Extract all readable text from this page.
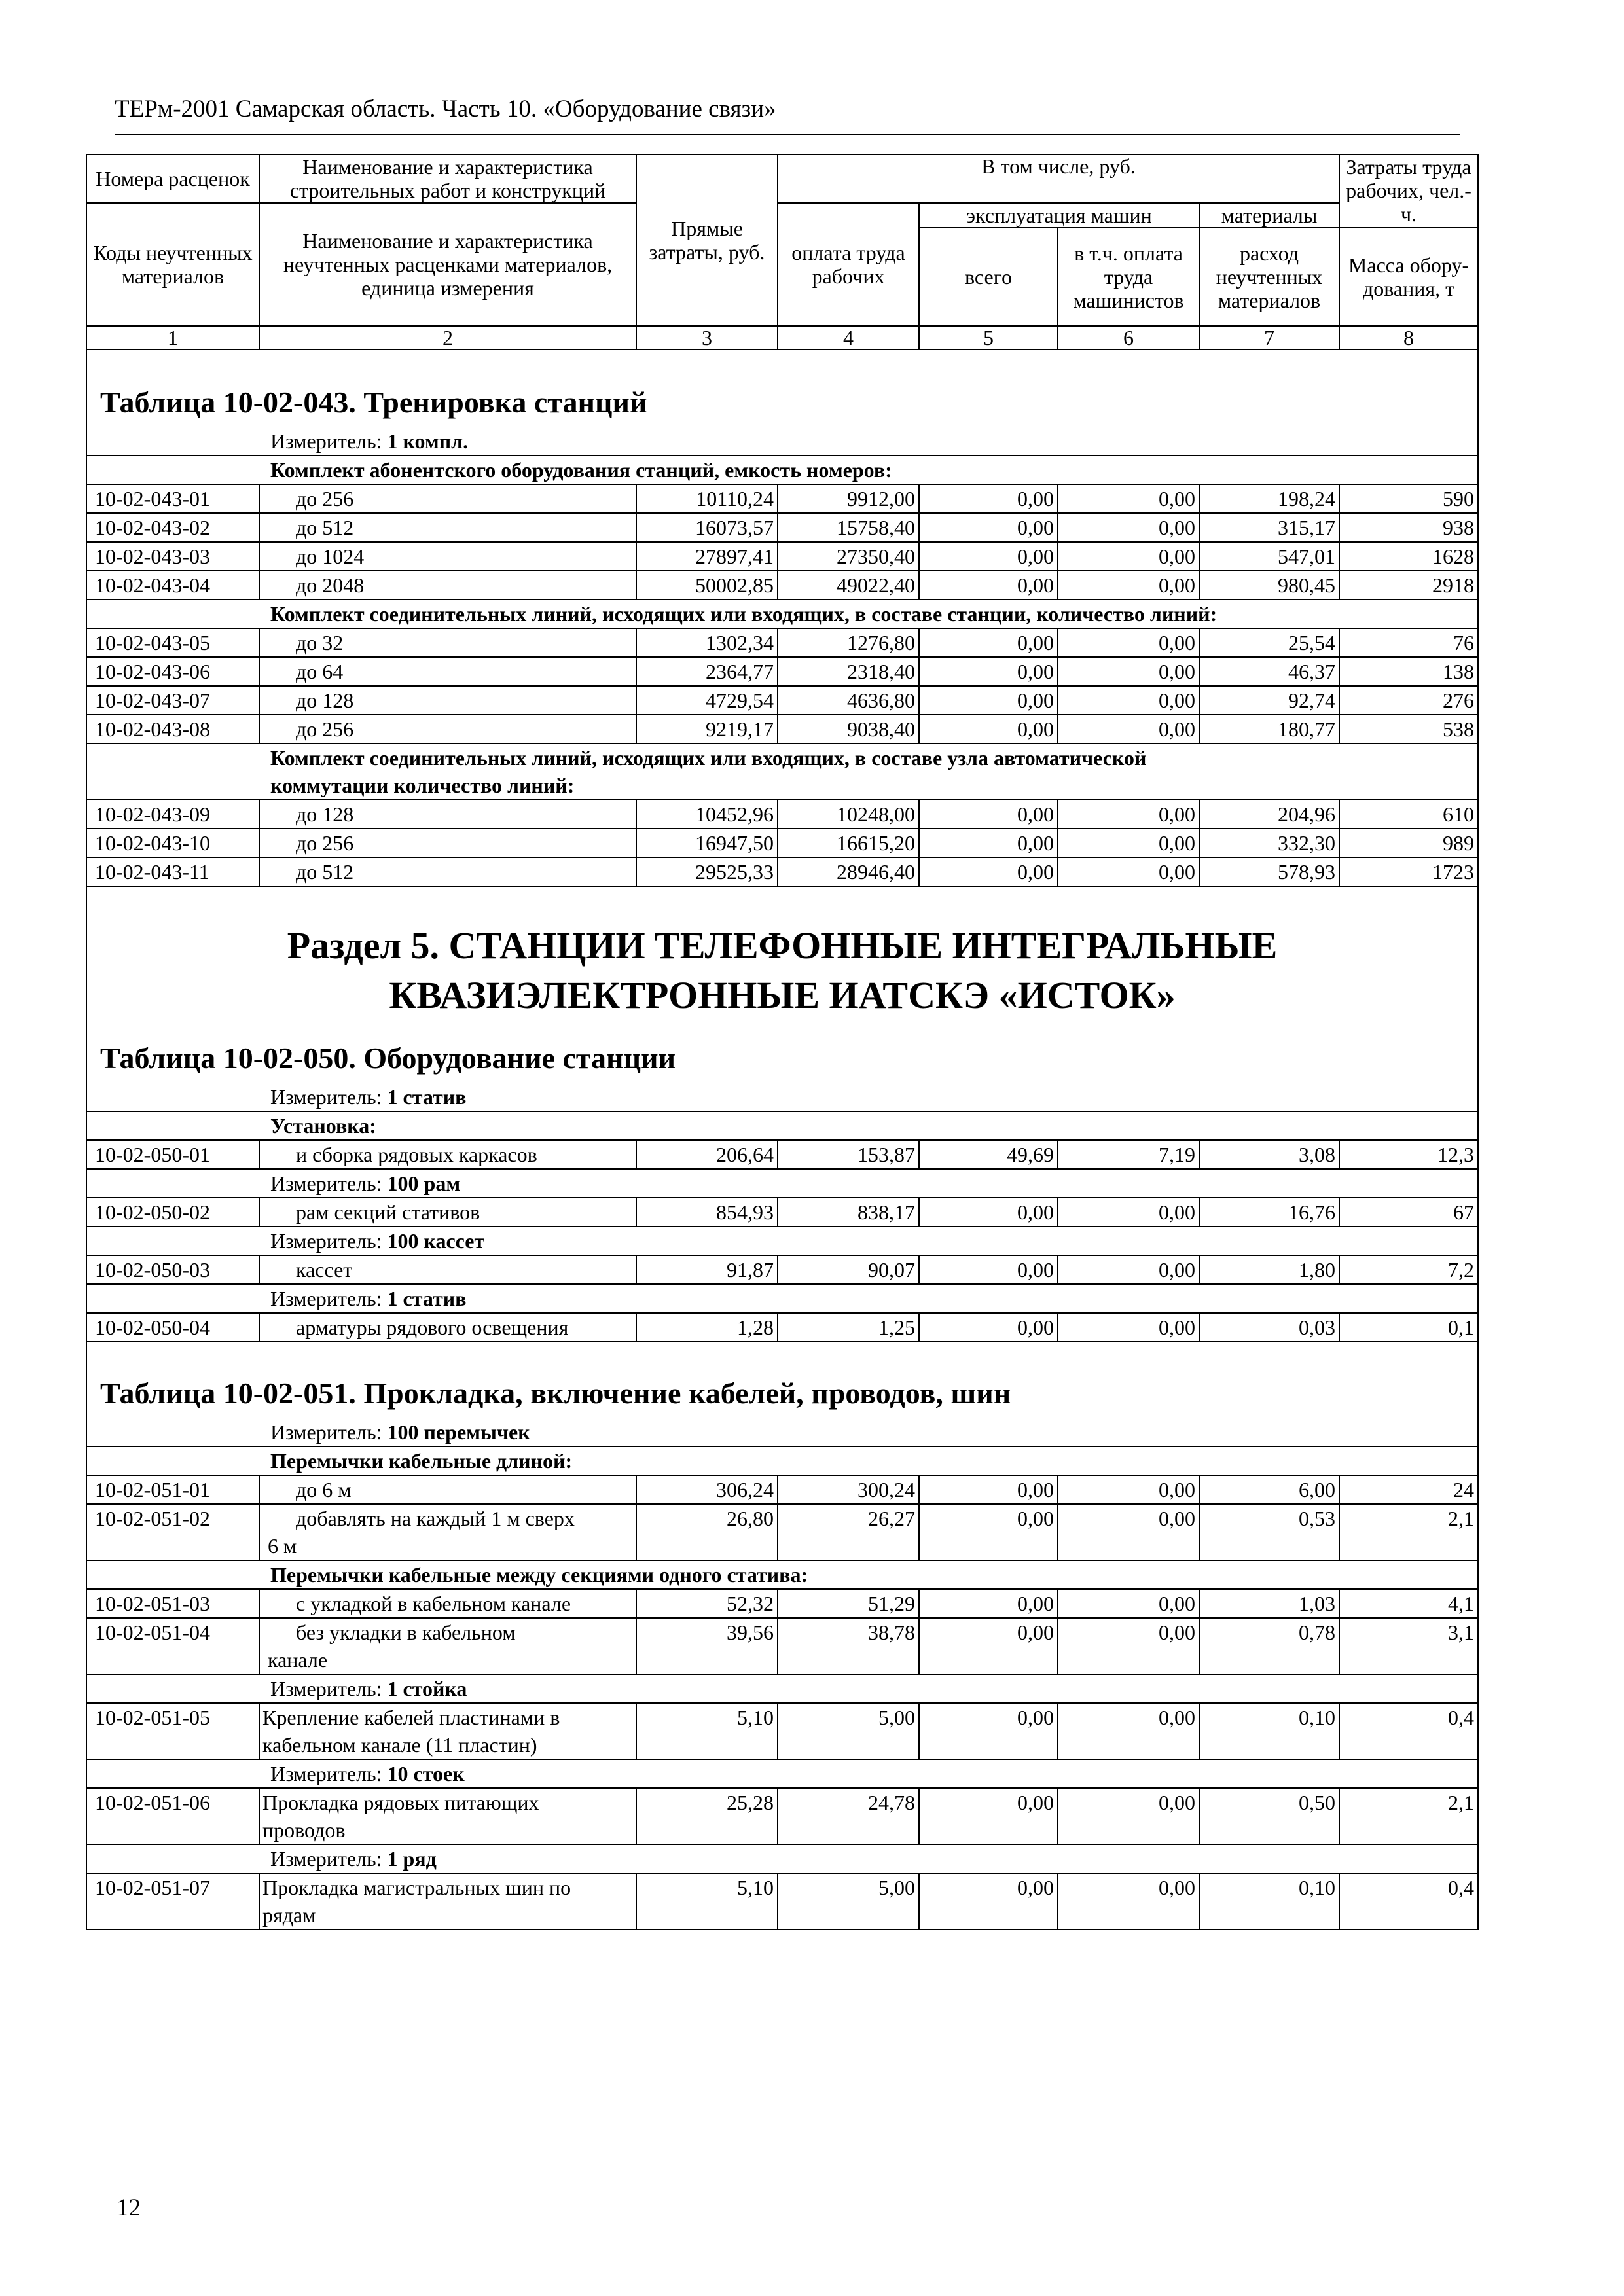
ТЕРм-2001 Самарская область. Часть 10. «Оборудование связи»
Номера расценок	Наименование и характеристика строительных работ и конструкций	Прямые затраты, руб.	В том числе, руб.				Затраты труда рабочих, чел.-ч.
Коды неучтенных материалов	Наименование и характеристика неучтенных расценками материалов, единица измерения		оплата труда рабочих	эксплуатация машин		материалы	
				всего	в т.ч. оплата труда машинистов	расход неучтенных материалов	Масса обору-дования, т
1	2	3	4	5	6	7	8
Таблица 10-02-043. Тренировка станций							
Измеритель: 1 компл.							
Комплект абонентского оборудования станций, емкость номеров:							
10-02-043-01	до 256	10110,24	9912,00	0,00	0,00	198,24	590
10-02-043-02	до 512	16073,57	15758,40	0,00	0,00	315,17	938
10-02-043-03	до 1024	27897,41	27350,40	0,00	0,00	547,01	1628
10-02-043-04	до 2048	50002,85	49022,40	0,00	0,00	980,45	2918
Комплект соединительных линий, исходящих или входящих, в составе станции, количество линий:							
10-02-043-05	до 32	1302,34	1276,80	0,00	0,00	25,54	76
10-02-043-06	до 64	2364,77	2318,40	0,00	0,00	46,37	138
10-02-043-07	до 128	4729,54	4636,80	0,00	0,00	92,74	276
10-02-043-08	до 256	9219,17	9038,40	0,00	0,00	180,77	538
Комплект соединительных линий, исходящих или входящих, в составе узла автоматической
коммутации количество линий:							
10-02-043-09	до 128	10452,96	10248,00	0,00	0,00	204,96	610
10-02-043-10	до 256	16947,50	16615,20	0,00	0,00	332,30	989
10-02-043-11	до 512	29525,33	28946,40	0,00	0,00	578,93	1723
Раздел 5. СТАНЦИИ ТЕЛЕФОННЫЕ ИНТЕГРАЛЬНЫЕ
КВАЗИЭЛЕКТРОННЫЕ ИАТСКЭ «ИСТОК»							
Таблица 10-02-050. Оборудование станции							
Измеритель: 1 статив							
Установка:							
10-02-050-01	и сборка рядовых каркасов	206,64	153,87	49,69	7,19	3,08	12,3
Измеритель: 100 рам							
10-02-050-02	рам секций стативов	854,93	838,17	0,00	0,00	16,76	67
Измеритель: 100 кассет							
10-02-050-03	кассет	91,87	90,07	0,00	0,00	1,80	7,2
Измеритель: 1 статив							
10-02-050-04	арматуры рядового освещения	1,28	1,25	0,00	0,00	0,03	0,1
Таблица 10-02-051. Прокладка, включение кабелей, проводов, шин							
Измеритель: 100 перемычек							
Перемычки кабельные длиной:							
10-02-051-01	до 6 м	306,24	300,24	0,00	0,00	6,00	24
10-02-051-02	добавлять на каждый 1 м сверх
6 м	26,80	26,27	0,00	0,00	0,53	2,1
Перемычки кабельные между секциями одного статива:							
10-02-051-03	с укладкой в кабельном канале	52,32	51,29	0,00	0,00	1,03	4,1
10-02-051-04	без укладки в кабельном
канале	39,56	38,78	0,00	0,00	0,78	3,1
Измеритель: 1 стойка							
10-02-051-05	Крепление кабелей пластинами в
кабельном канале (11 пластин)	5,10	5,00	0,00	0,00	0,10	0,4
Измеритель: 10 стоек							
10-02-051-06	Прокладка рядовых питающих
проводов	25,28	24,78	0,00	0,00	0,50	2,1
Измеритель: 1 ряд							
10-02-051-07	Прокладка магистральных шин по
рядам	5,10	5,00	0,00	0,00	0,10	0,4
12
